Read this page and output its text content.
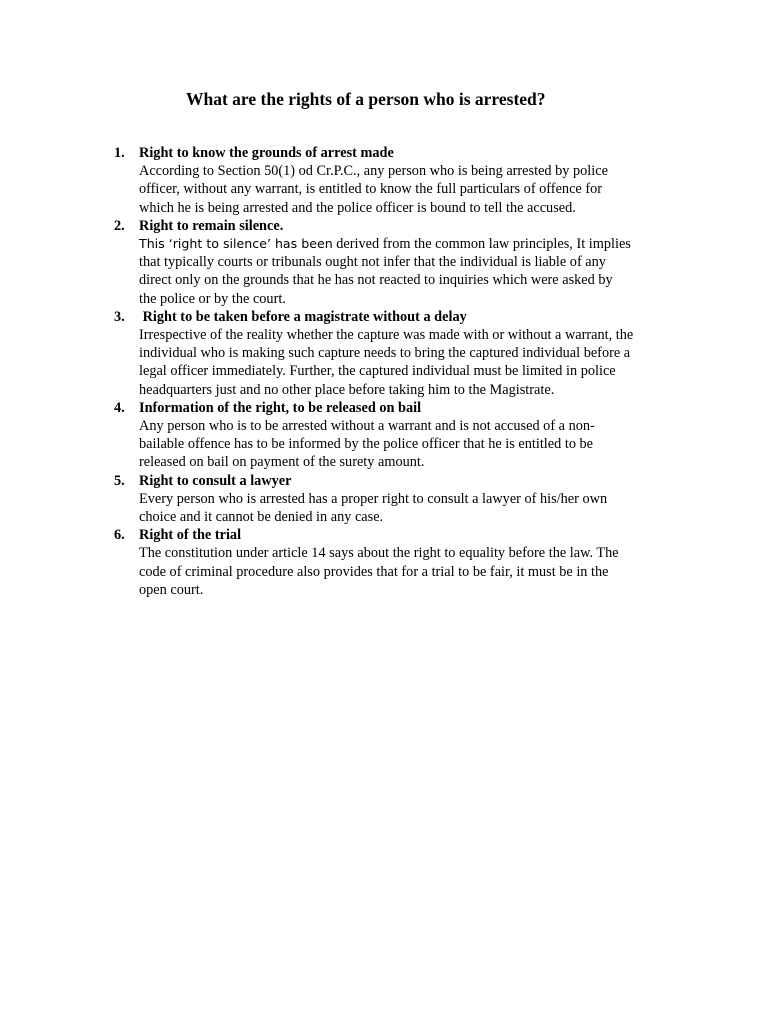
What are the rights of a person who is arrested?
1. Right to know the grounds of arrest made
According to Section 50(1) od Cr.P.C., any person who is being arrested by police
officer, without any warrant, is entitled to know the full particulars of offence for
which he is being arrested and the police officer is bound to tell the accused.
2. Right to remain silence.
This ‘right to silence’ has been derived from the common law principles, It implies
that typically courts or tribunals ought not infer that the individual is liable of any
direct only on the grounds that he has not reacted to inquiries which were asked by
the police or by the court.
3. Right to be taken before a magistrate without a delay
Irrespective of the reality whether the capture was made with or without a warrant, the
individual who is making such capture needs to bring the captured individual before a
legal officer immediately. Further, the captured individual must be limited in police
headquarters just and no other place before taking him to the Magistrate.
4. Information of the right, to be released on bail
Any person who is to be arrested without a warrant and is not accused of a non-
bailable offence has to be informed by the police officer that he is entitled to be
released on bail on payment of the surety amount.
5. Right to consult a lawyer
Every person who is arrested has a proper right to consult a lawyer of his/her own
choice and it cannot be denied in any case.
6. Right of the trial
The constitution under article 14 says about the right to equality before the law. The
code of criminal procedure also provides that for a trial to be fair, it must be in the
open court.
